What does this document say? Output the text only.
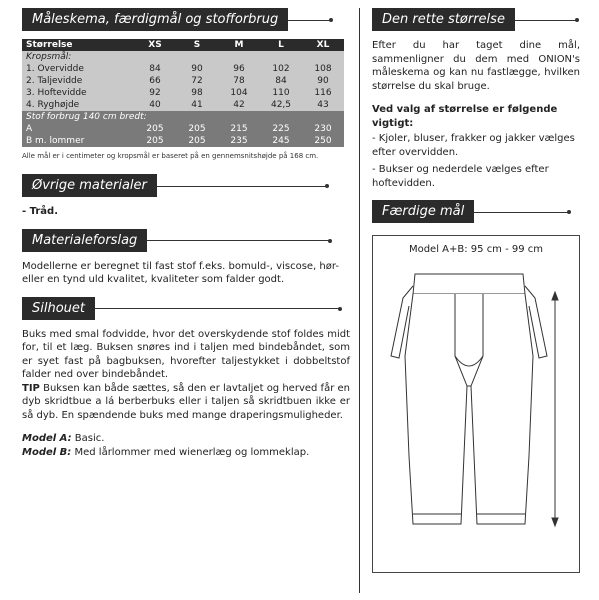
Måleskema, færdigmål og stofforbrug
Størrelse	XS	S	M	L	XL
Kropsmål:					
1. Overvidde	84	90	96	102	108
2. Taljevidde	66	72	78	84	90
3. Hoftevidde	92	98	104	110	116
4. Ryghøjde	40	41	42	42,5	43
Stof forbrug 140 cm bredt:					
A	205	205	215	225	230
B m. lommer	205	205	235	245	250
Alle mål er i centimeter og kropsmål er baseret på en gennemsnitshøjde på 168 cm.
Øvrige materialer

- Tråd.

Materialeforslag

Modellerne er beregnet til fast stof f.eks. bomuld-, viscose, hør- eller en tynd uld kvalitet, kvaliteter som falder godt.

Silhouet

Buks med smal fodvidde, hvor det overskydende stof foldes midt for, til et læg. Buksen snøres ind i taljen med bindebåndet, som er syet fast på bagbuksen, hvorefter taljestykket i dobbeltstof falder ned over bindebåndet.

TIP Buksen kan både sættes, så den er lavtaljet og herved får en dyb skridtbue a lá berberbuks eller i taljen så skridtbuen ikke er så dyb. En spændende buks med mange draperingsmuligheder.

Model A: Basic.
Model B: Med lårlommer med wienerlæg og lommeklap.
Den rette størrelse

Efter du har taget dine mål, sammenligner du dem med ONION's måleskema og kan nu fastlægge, hvilken størrelse du skal bruge.

Ved valg af størrelse er følgende vigtigt:

- Kjoler, bluser, frakker og jakker vælges efter overvidden.

- Bukser og nederdele vælges efter hoftevidden.

Færdige mål
Model A+B: 95 cm - 99 cm
